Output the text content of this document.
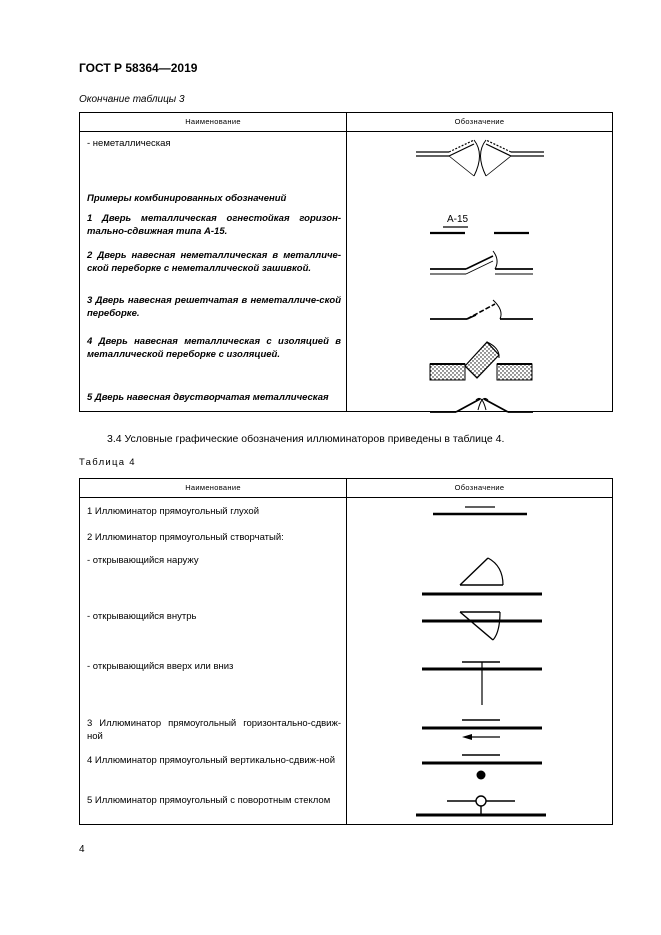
ГОСТ Р 58364—2019
Окончание таблицы 3
Наименование	Обозначение
- неметаллическая
Примеры комбинированных обозначений
1 Дверь металлическая огнестойкая горизон-тально-сдвижная типа А-15.
2 Дверь навесная неметаллическая в металличе-ской переборке с неметаллической зашивкой.
3 Дверь навесная решетчатая в неметалличе-ской переборке.
4 Дверь навесная металлическая с изоляцией в металлической переборке с изоляцией.
5 Дверь навесная двустворчатая металлическая
А-15
3.4 Условные графические обозначения иллюминаторов приведены в таблице 4.
Таблица 4
Наименование	Обозначение
1 Иллюминатор прямоугольный глухой
2 Иллюминатор прямоугольный створчатый:
- открывающийся наружу
- открывающийся внутрь
- открывающийся вверх или вниз
3 Иллюминатор прямоугольный горизонтально-сдвиж-ной
4 Иллюминатор прямоугольный вертикально-сдвиж-ной
5 Иллюминатор прямоугольный с поворотным стеклом
4
